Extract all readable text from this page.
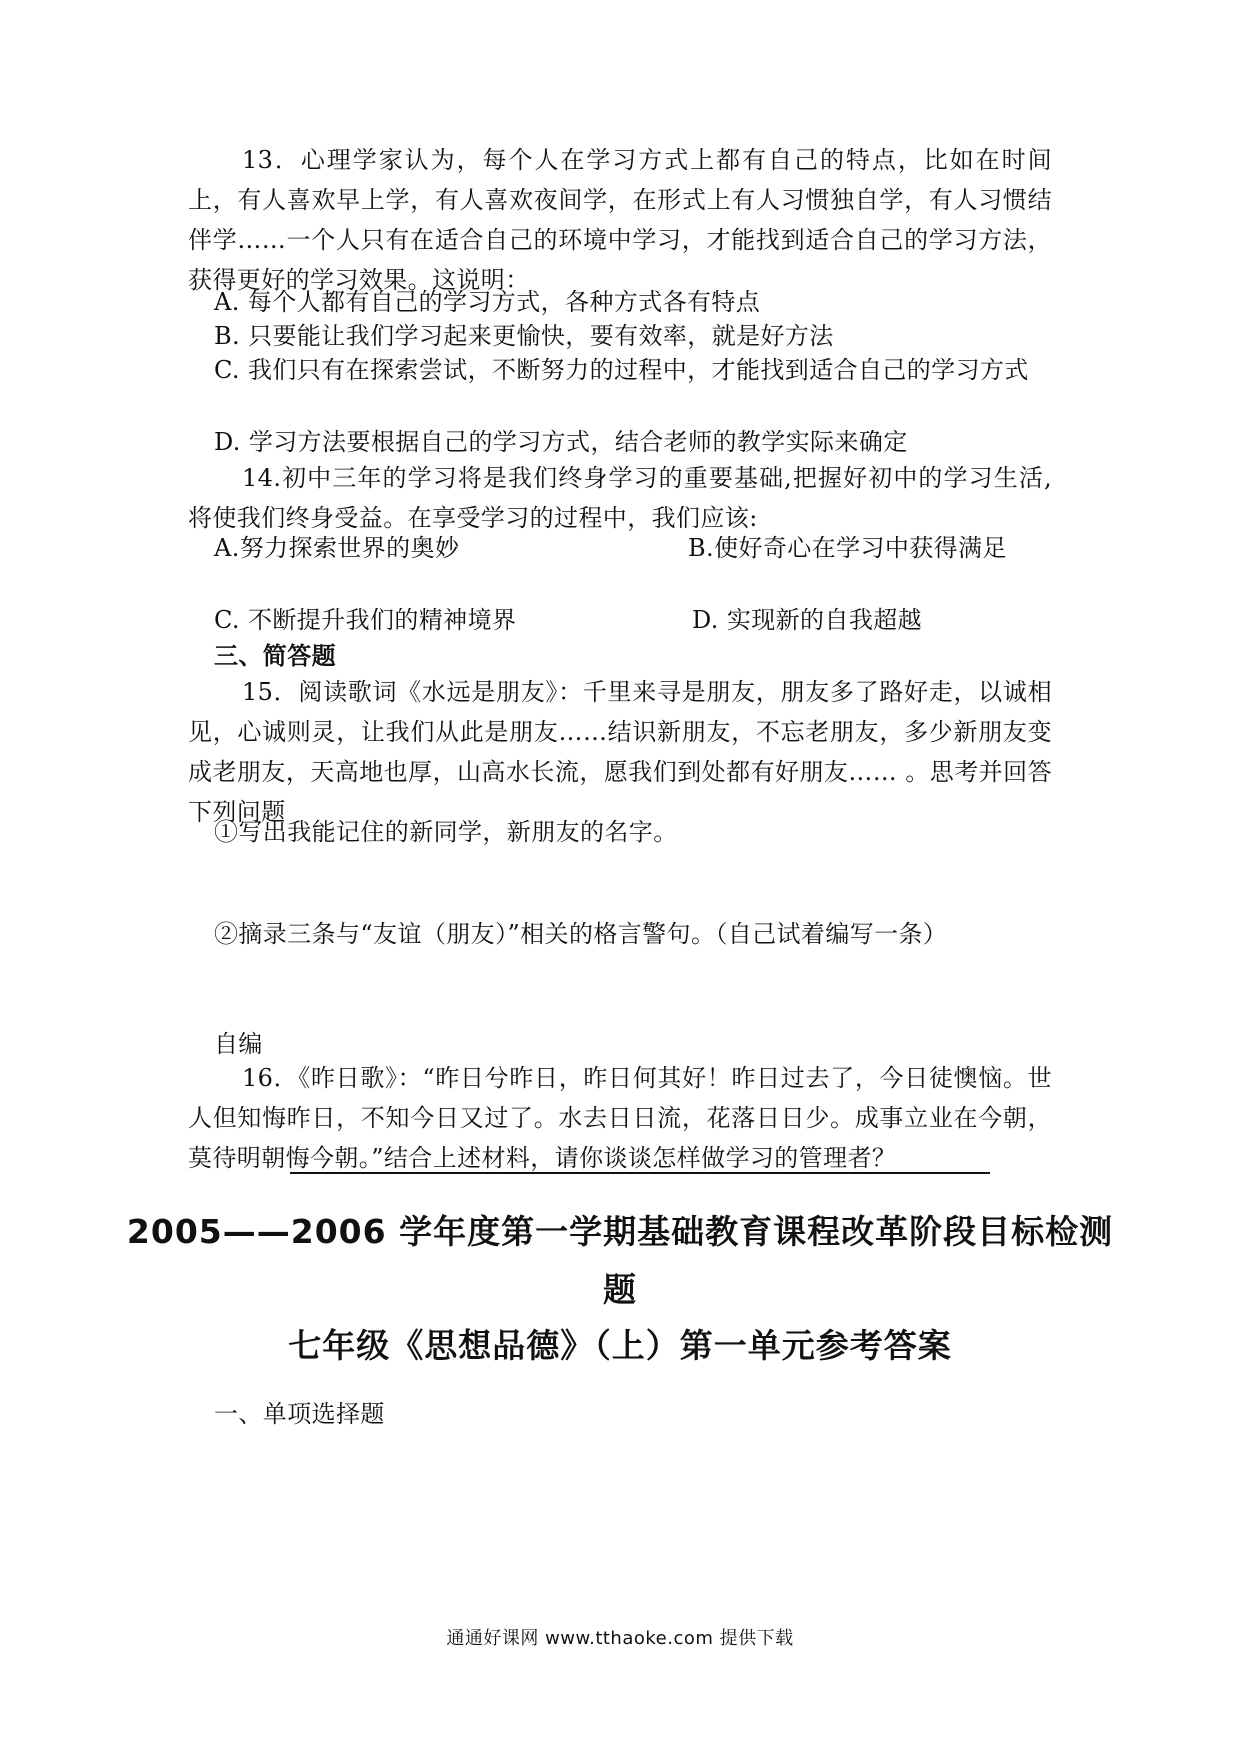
13．心理学家认为，每个人在学习方式上都有自己的特点，比如在时间上，有人喜欢早上学，有人喜欢夜间学，在形式上有人习惯独自学，有人习惯结伴学……一个人只有在适合自己的环境中学习，才能找到适合自己的学习方法，获得更好的学习效果。这说明：

A. 每个人都有自己的学习方式，各种方式各有特点
B. 只要能让我们学习起来更愉快，要有效率，就是好方法

C. 我们只有在探索尝试，不断努力的过程中，才能找到适合自己的学习方式

D. 学习方法要根据自己的学习方式，结合老师的教学实际来确定

14.初中三年的学习将是我们终身学习的重要基础,把握好初中的学习生活,将使我们终身受益。在享受学习的过程中，我们应该:

A.努力探索世界的奥妙	B.使好奇心在学习中获得满足
C. 不断提升我们的精神境界	D. 实现新的自我超越
三、简答题

15．阅读歌词《水远是朋友》：千里来寻是朋友，朋友多了路好走，以诚相见，心诚则灵，让我们从此是朋友……结识新朋友，不忘老朋友，多少新朋友变成老朋友，天高地也厚，山高水长流，愿我们到处都有好朋友…… 。思考并回答下列问题

①写出我能记住的新同学，新朋友的名字。
②摘录三条与“友谊（朋友）”相关的格言警句。（自己试着编写一条）
自编

16．《昨日歌》：“昨日兮昨日，昨日何其好！昨日过去了，今日徒懊恼。世人但知悔昨日，不知今日又过了。水去日日流，花落日日少。成事立业在今朝，莫待明朝悔今朝。”结合上述材料，请你谈谈怎样做学习的管理者？

2005——2006 学年度第一学期基础教育课程改革阶段目标检测
题
七年级《思想品德》（上）第一单元参考答案
一、单项选择题
通通好课网 www.tthaoke.com 提供下载
